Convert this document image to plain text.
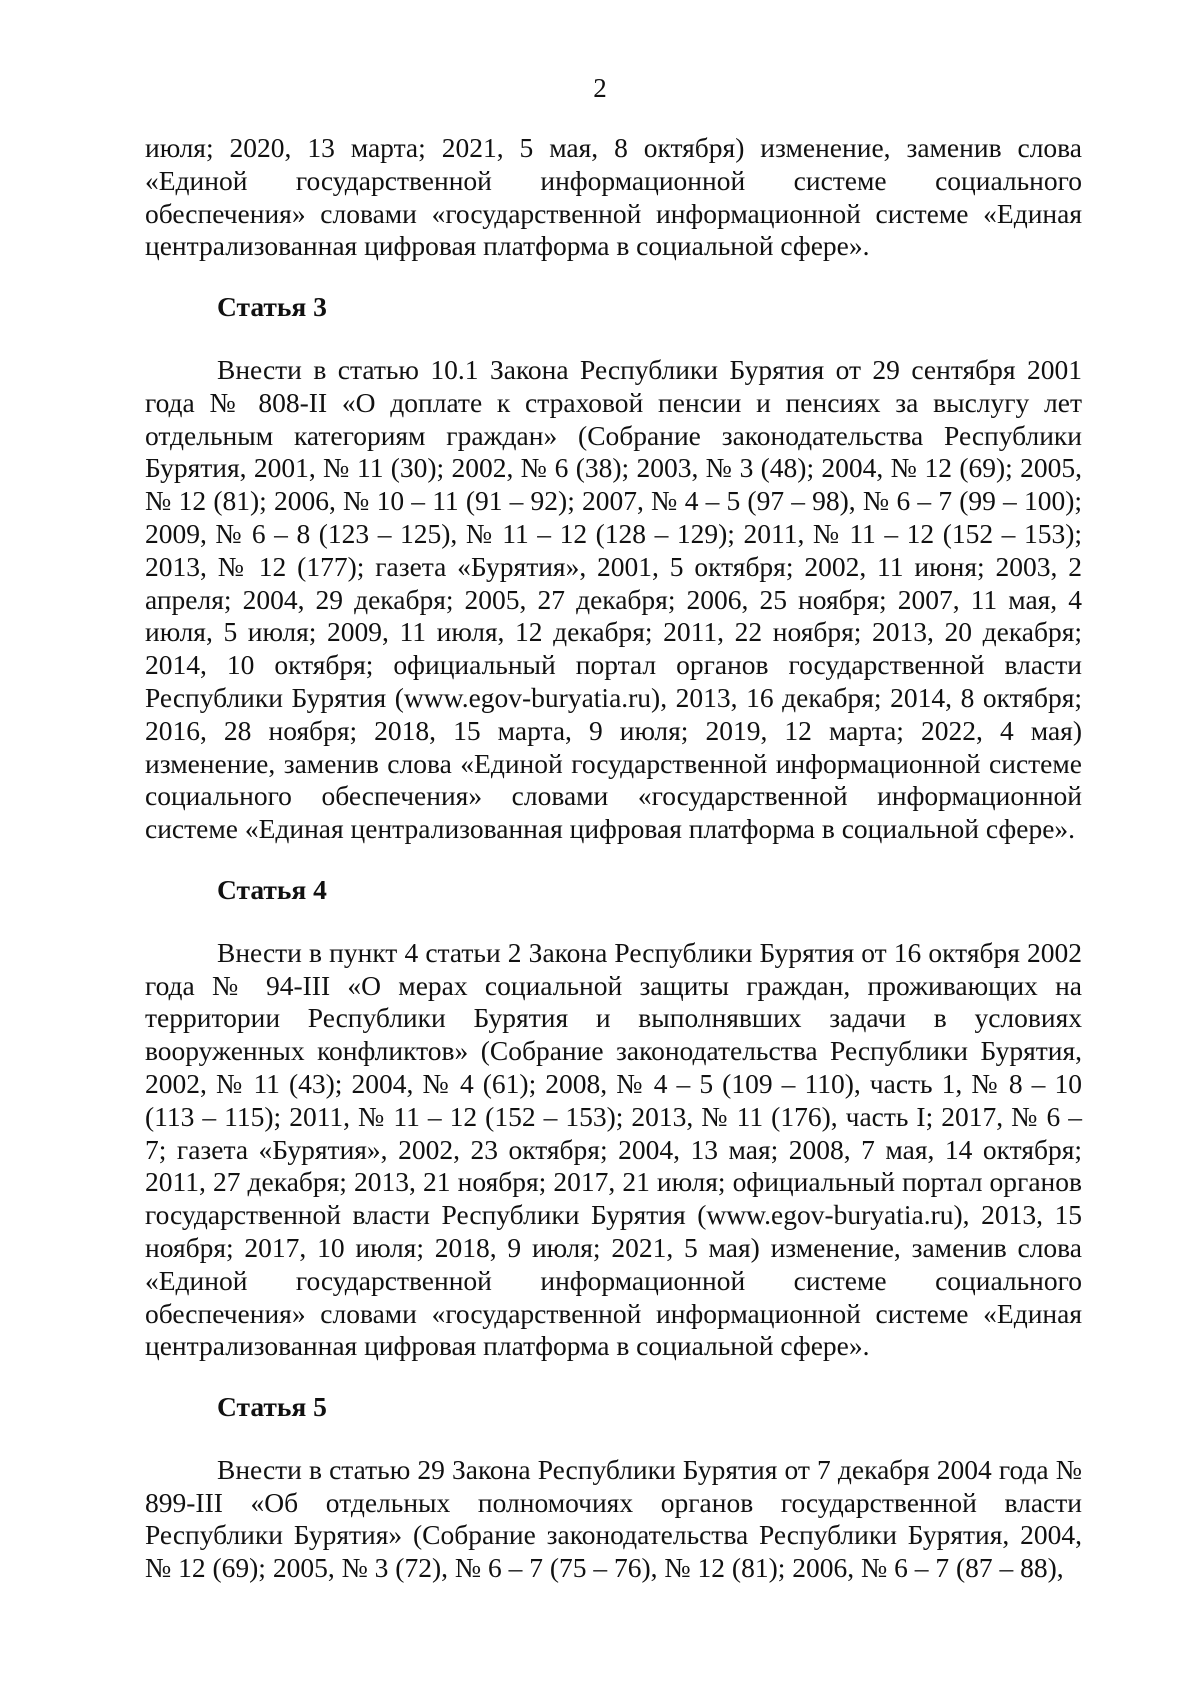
2

июля; 2020, 13 марта; 2021, 5 мая, 8 октября) изменение, заменив слова «Единой государственной информационной системе социального обеспечения» словами «государственной информационной системе «Единая централизованная цифровая платформа в социальной сфере».

Статья 3

Внести в статью 10.1 Закона Республики Бурятия от 29 сентября 2001 года № 808-II «О доплате к страховой пенсии и пенсиях за выслугу лет отдельным категориям граждан» (Собрание законодательства Республики Бурятия, 2001, № 11 (30); 2002, № 6 (38); 2003, № 3 (48); 2004, № 12 (69); 2005, № 12 (81); 2006, № 10 – 11 (91 – 92); 2007, № 4 – 5 (97 – 98), № 6 – 7 (99 – 100); 2009, № 6 – 8 (123 – 125), № 11 – 12 (128 – 129); 2011, № 11 – 12 (152 – 153); 2013, № 12 (177); газета «Бурятия», 2001, 5 октября; 2002, 11 июня; 2003, 2 апреля; 2004, 29 декабря; 2005, 27 декабря; 2006, 25 ноября; 2007, 11 мая, 4 июля, 5 июля; 2009, 11 июля, 12 декабря; 2011, 22 ноября; 2013, 20 декабря; 2014, 10 октября; официальный портал органов государственной власти Республики Бурятия (www.egov-buryatia.ru), 2013, 16 декабря; 2014, 8 октября; 2016, 28 ноября; 2018, 15 марта, 9 июля; 2019, 12 марта; 2022, 4 мая) изменение, заменив слова «Единой государственной информационной системе социального обеспечения» словами «государственной информационной системе «Единая централизованная цифровая платформа в социальной сфере».

Статья 4

Внести в пункт 4 статьи 2 Закона Республики Бурятия от 16 октября 2002 года № 94-III «О мерах социальной защиты граждан, проживающих на территории Республики Бурятия и выполнявших задачи в условиях вооруженных конфликтов» (Собрание законодательства Республики Бурятия, 2002, № 11 (43); 2004, № 4 (61); 2008, № 4 – 5 (109 – 110), часть 1, № 8 – 10 (113 – 115); 2011, № 11 – 12 (152 – 153); 2013, № 11 (176), часть I; 2017, № 6 – 7; газета «Бурятия», 2002, 23 октября; 2004, 13 мая; 2008, 7 мая, 14 октября; 2011, 27 декабря; 2013, 21 ноября; 2017, 21 июля; официальный портал органов государственной власти Республики Бурятия (www.egov-buryatia.ru), 2013, 15 ноября; 2017, 10 июля; 2018, 9 июля; 2021, 5 мая) изменение, заменив слова «Единой государственной информационной системе социального обеспечения» словами «государственной информационной системе «Единая централизованная цифровая платформа в социальной сфере».

Статья 5

Внести в статью 29 Закона Республики Бурятия от 7 декабря 2004 года № 899-III «Об отдельных полномочиях органов государственной власти Республики Бурятия» (Собрание законодательства Республики Бурятия, 2004, № 12 (69); 2005, № 3 (72), № 6 – 7 (75 – 76), № 12 (81); 2006, № 6 – 7 (87 – 88),
